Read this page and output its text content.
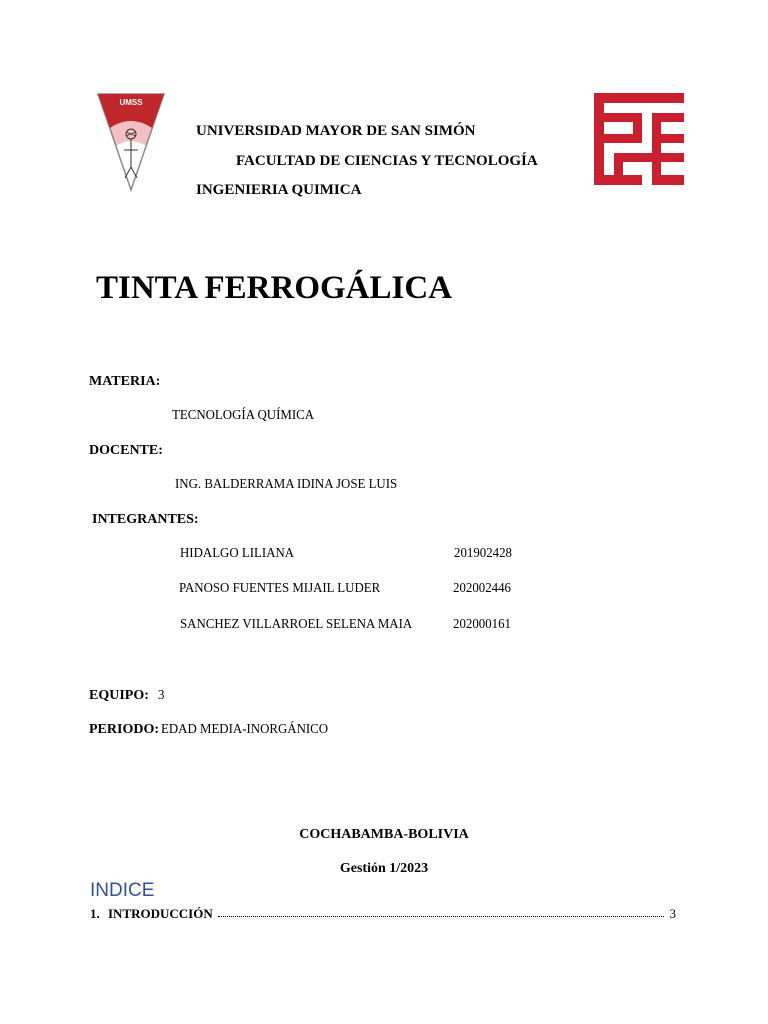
UMSS
UNIVERSIDAD MAYOR DE SAN SIMÓN
FACULTAD DE CIENCIAS Y TECNOLOGÍA
INGENIERIA QUIMICA
TINTA FERROGÁLICA
MATERIA:
TECNOLOGÍA QUÍMICA
DOCENTE:
ING. BALDERRAMA IDINA JOSE LUIS
INTEGRANTES:
HIDALGO LILIANA	201902428
PANOSO FUENTES MIJAIL LUDER	202002446
SANCHEZ VILLARROEL SELENA MAIA	202000161
EQUIPO: 3
PERIODO: EDAD MEDIA-INORGÁNICO
COCHABAMBA-BOLIVIA
Gestión 1/2023
INDICE
1. INTRODUCCIÓN	3
